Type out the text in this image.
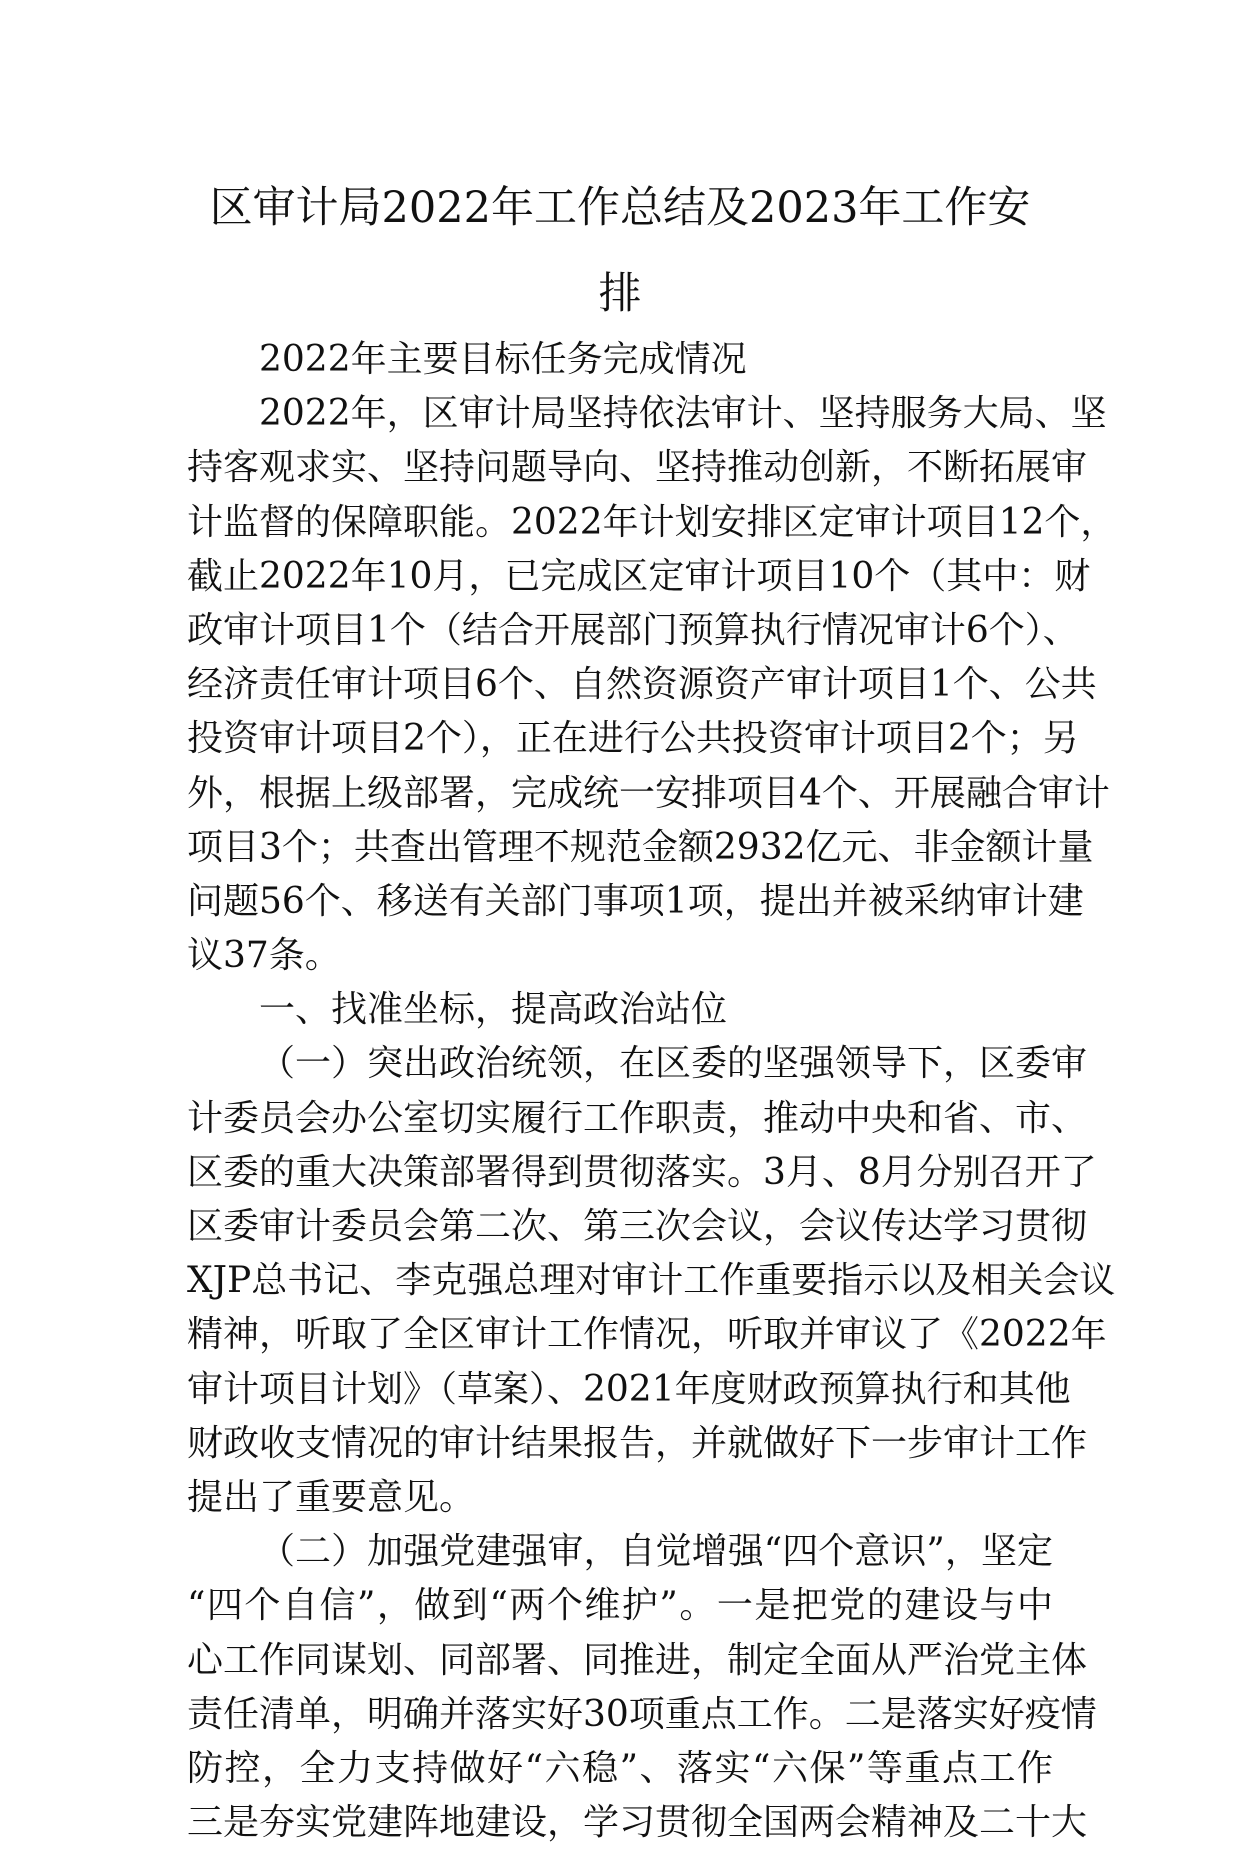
区审计局2022年工作总结及2023年工作安
排
2022年主要目标任务完成情况
2022年，区审计局坚持依法审计、坚持服务大局、坚
持客观求实、坚持问题导向、坚持推动创新，不断拓展审
计监督的保障职能。2022年计划安排区定审计项目12个，
截止2022年10月，已完成区定审计项目10个（其中：财
政审计项目1个（结合开展部门预算执行情况审计6个）、
经济责任审计项目6个、自然资源资产审计项目1个、公共
投资审计项目2个），正在进行公共投资审计项目2个；另
外，根据上级部署，完成统一安排项目4个、开展融合审计
项目3个；共查出管理不规范金额2932亿元、非金额计量
问题56个、移送有关部门事项1项，提出并被采纳审计建
议37条。
一、找准坐标，提高政治站位
（一）突出政治统领，在区委的坚强领导下，区委审
计委员会办公室切实履行工作职责，推动中央和省、市、
区委的重大决策部署得到贯彻落实。3月、8月分别召开了
区委审计委员会第二次、第三次会议，会议传达学习贯彻
XJP总书记、李克强总理对审计工作重要指示以及相关会议
精神，听取了全区审计工作情况，听取并审议了《2022年
审计项目计划》（草案）、2021年度财政预算执行和其他
财政收支情况的审计结果报告，并就做好下一步审计工作
提出了重要意见。
（二）加强党建强审，自觉增强“四个意识”，坚定
“四个自信”，做到“两个维护”。一是把党的建设与中
心工作同谋划、同部署、同推进，制定全面从严治党主体
责任清单，明确并落实好30项重点工作。二是落实好疫情
防控，全力支持做好“六稳”、落实“六保”等重点工作
三是夯实党建阵地建设，学习贯彻全国两会精神及二十大
